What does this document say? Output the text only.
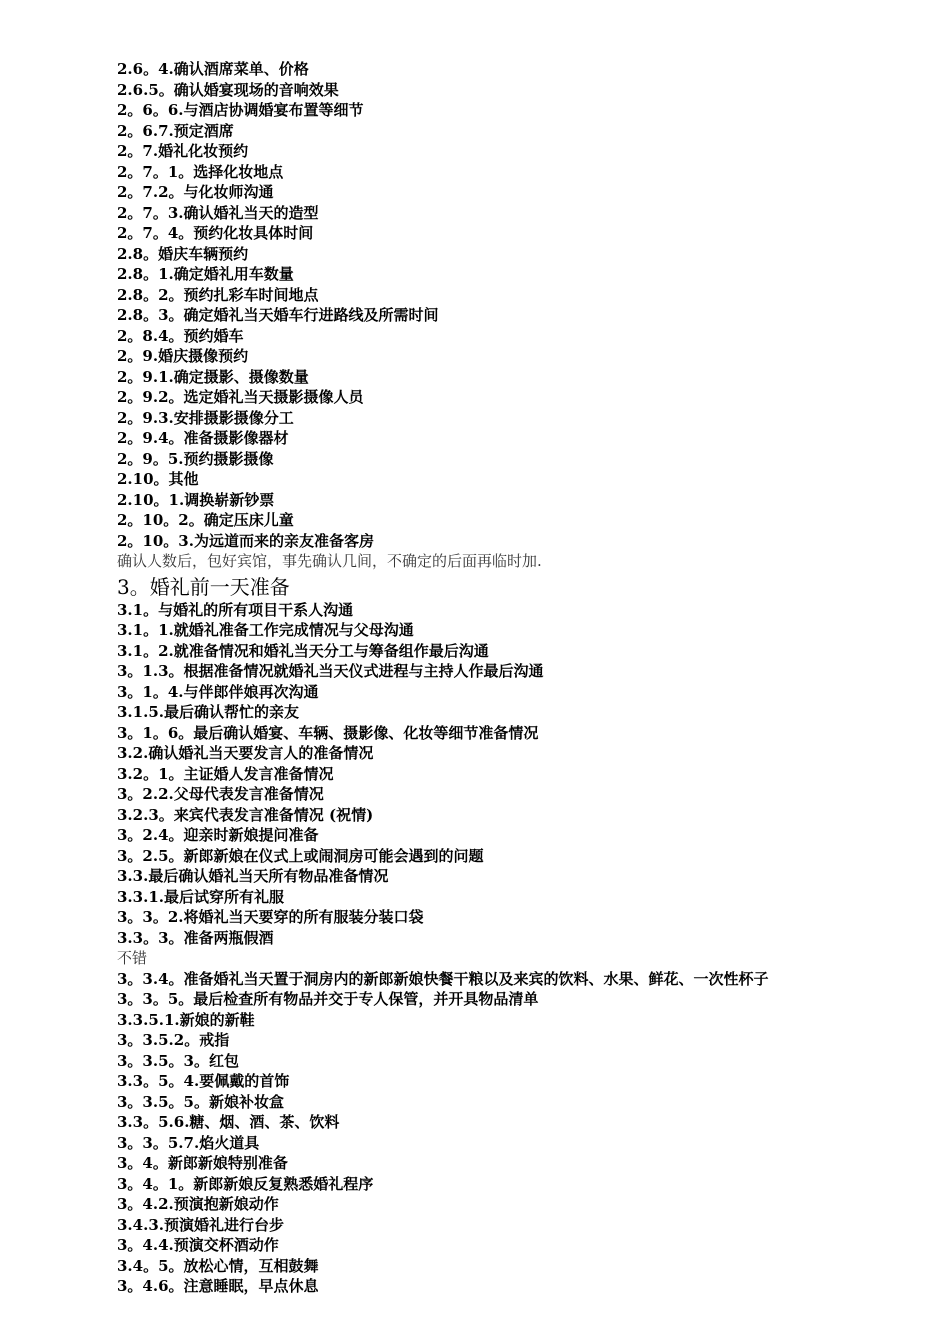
2.6。4.确认酒席菜单、价格
2.6.5。确认婚宴现场的音响效果
2。6。6.与酒店协调婚宴布置等细节
2。6.7.预定酒席
2。7.婚礼化妆预约
2。7。1。选择化妆地点
2。7.2。与化妆师沟通
2。7。3.确认婚礼当天的造型
2。7。4。预约化妆具体时间
2.8。婚庆车辆预约
2.8。1.确定婚礼用车数量
2.8。2。预约扎彩车时间地点
2.8。3。确定婚礼当天婚车行进路线及所需时间
2。8.4。预约婚车
2。9.婚庆摄像预约
2。9.1.确定摄影、摄像数量
2。9.2。选定婚礼当天摄影摄像人员
2。9.3.安排摄影摄像分工
2。9.4。准备摄影像器材
2。9。5.预约摄影摄像
2.10。其他
2.10。1.调换崭新钞票
2。10。2。确定压床儿童
2。10。3.为远道而来的亲友准备客房
确认人数后，包好宾馆，事先确认几间，不确定的后面再临时加.
3。婚礼前一天准备
3.1。与婚礼的所有项目干系人沟通
3.1。1.就婚礼准备工作完成情况与父母沟通
3.1。2.就准备情况和婚礼当天分工与筹备组作最后沟通
3。1.3。根据准备情况就婚礼当天仪式进程与主持人作最后沟通
3。1。4.与伴郎伴娘再次沟通
3.1.5.最后确认帮忙的亲友
3。1。6。最后确认婚宴、车辆、摄影像、化妆等细节准备情况
3.2.确认婚礼当天要发言人的准备情况
3.2。1。主证婚人发言准备情况
3。2.2.父母代表发言准备情况
3.2.3。来宾代表发言准备情况 (祝情)
3。2.4。迎亲时新娘提问准备
3。2.5。新郎新娘在仪式上或闹洞房可能会遇到的问题
3.3.最后确认婚礼当天所有物品准备情况
3.3.1.最后试穿所有礼服
3。3。2.将婚礼当天要穿的所有服装分装口袋
3.3。3。准备两瓶假酒
不错
3。3.4。准备婚礼当天置于洞房内的新郎新娘快餐干粮以及来宾的饮料、水果、鲜花、一次性杯子
3。3。5。最后检查所有物品并交于专人保管，并开具物品清单
3.3.5.1.新娘的新鞋
3。3.5.2。戒指
3。3.5。3。红包
3.3。5。4.要佩戴的首饰
3。3.5。5。新娘补妆盒
3.3。5.6.糖、烟、酒、茶、饮料
3。3。5.7.焰火道具
3。4。新郎新娘特别准备
3。4。1。新郎新娘反复熟悉婚礼程序
3。4.2.预演抱新娘动作
3.4.3.预演婚礼进行台步
3。4.4.预演交杯酒动作
3.4。5。放松心情，互相鼓舞
3。4.6。注意睡眠，早点休息
